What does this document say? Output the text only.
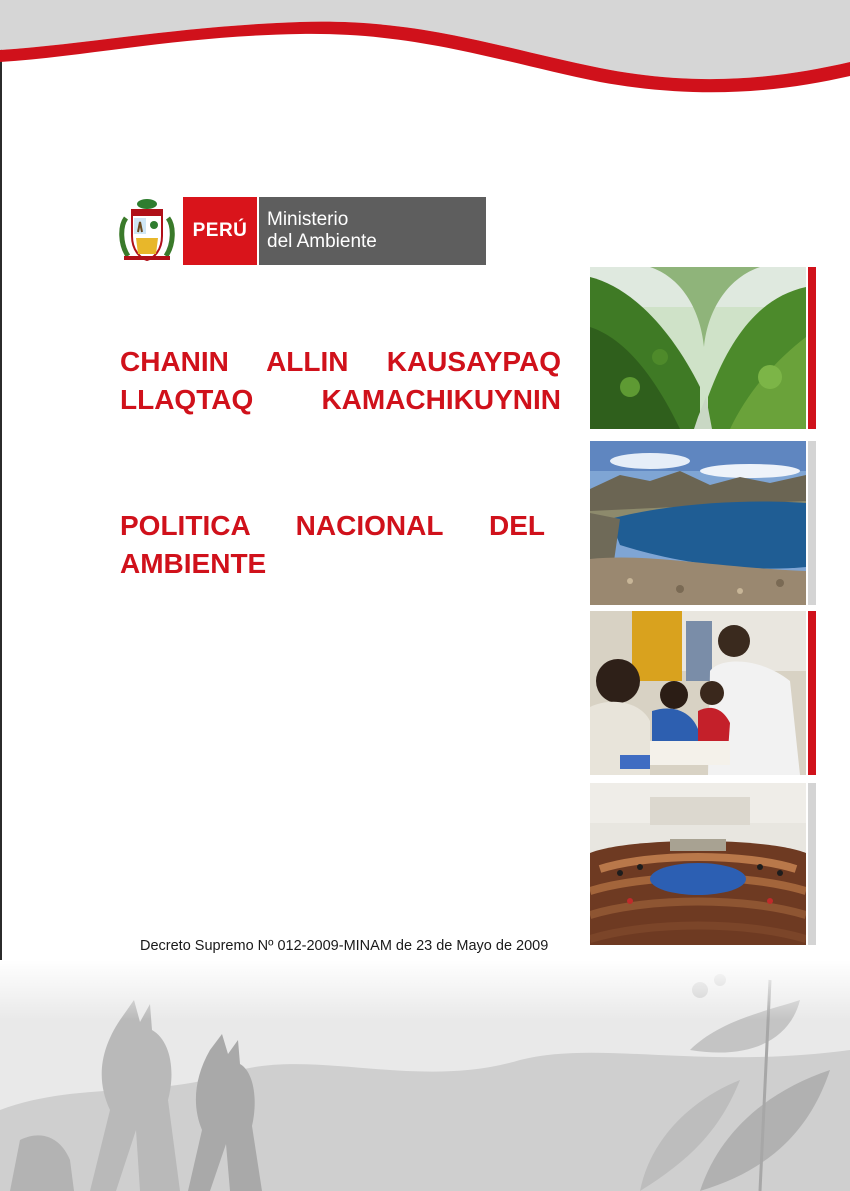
PERÚ
Ministerio
del Ambiente
CHANIN ALLIN KAUSAYPAQ
LLAQTAQ KAMACHIKUYNIN
POLITICA NACIONAL DEL
AMBIENTE
Decreto Supremo Nº 012-2009-MINAM de 23 de Mayo de 2009
